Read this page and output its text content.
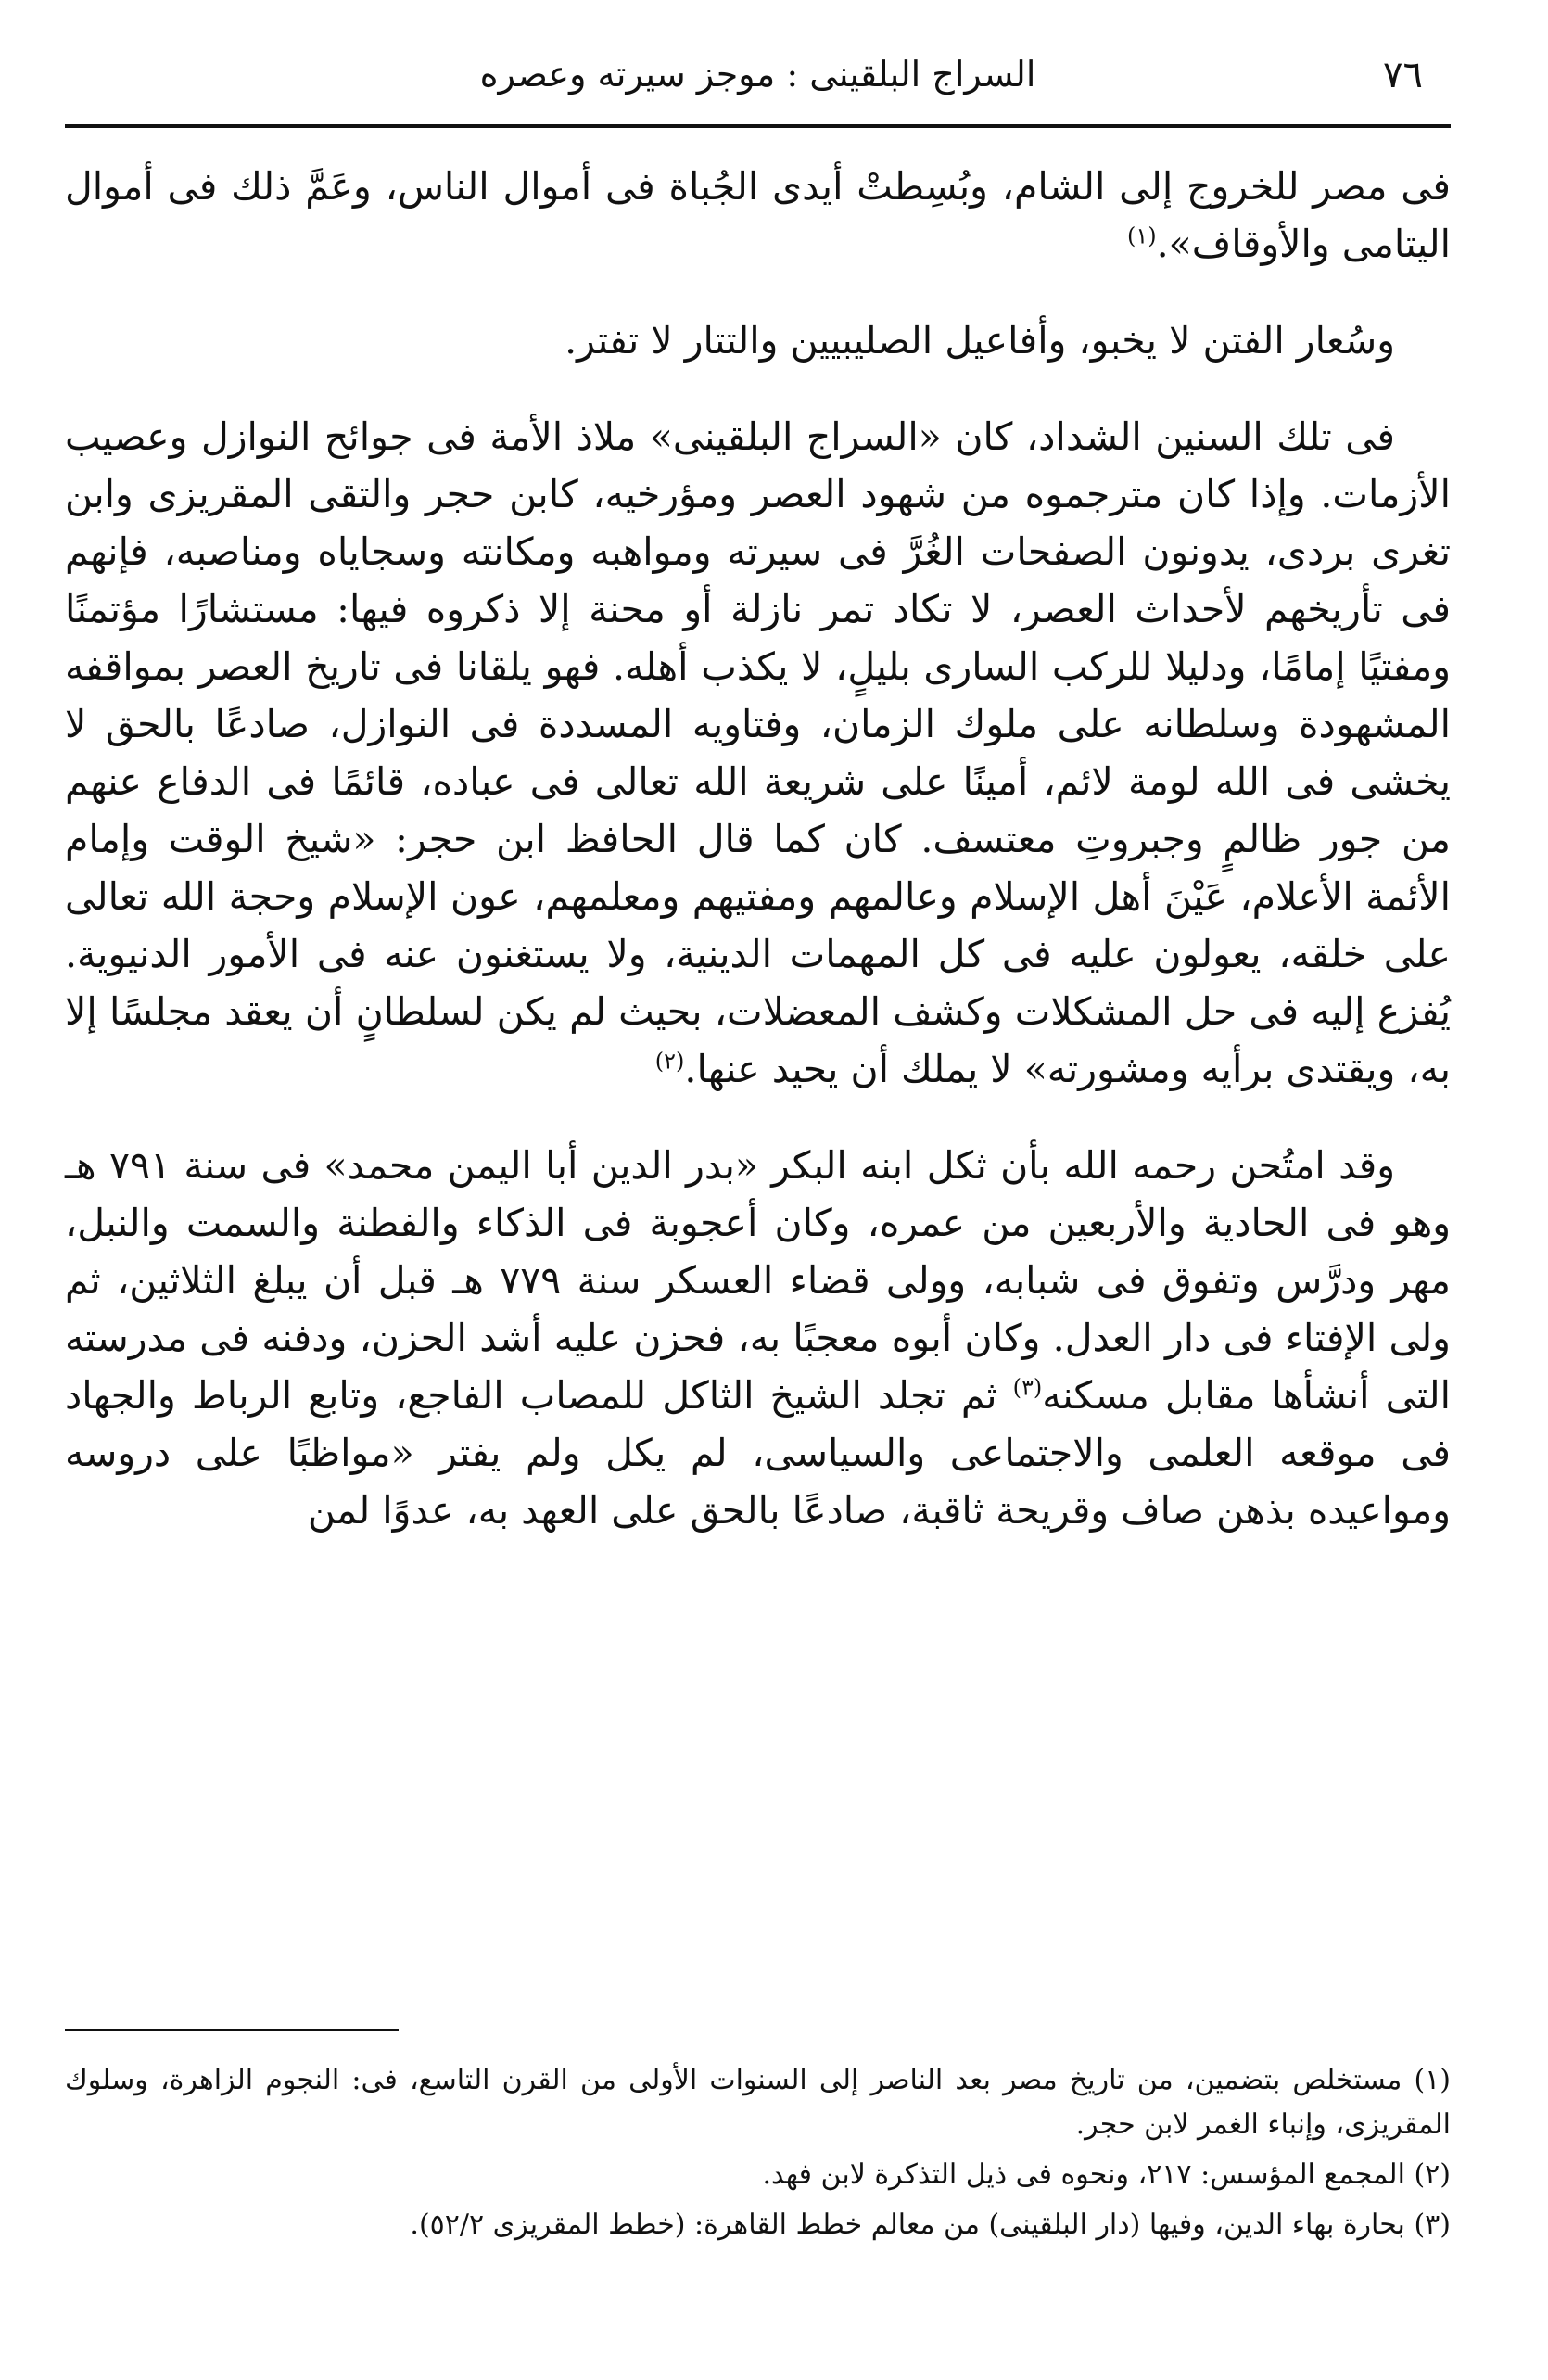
٧٦
السراج البلقينى : موجز سيرته وعصره

فى مصر للخروج إلى الشام، وبُسِطتْ أيدى الجُباة فى أموال الناس، وعَمَّ ذلك فى أموال اليتامى والأوقاف».$^{(١)}$

وسُعار الفتن لا يخبو، وأفاعيل الصليبيين والتتار لا تفتر.

فى تلك السنين الشداد، كان «السراج البلقينى» ملاذ الأمة فى جوائح النوازل وعصيب الأزمات. وإذا كان مترجموه من شهود العصر ومؤرخيه، كابن حجر والتقى المقريزى وابن تغرى بردى، يدونون الصفحات الغُرَّ فى سيرته ومواهبه ومكانته وسجاياه ومناصبه، فإنهم فى تأريخهم لأحداث العصر، لا تكاد تمر نازلة أو محنة إلا ذكروه فيها: مستشارًا مؤتمنًا ومفتيًا إمامًا، ودليلا للركب السارى بليلٍ، لا يكذب أهله. فهو يلقانا فى تاريخ العصر بمواقفه المشهودة وسلطانه على ملوك الزمان، وفتاويه المسددة فى النوازل، صادعًا بالحق لا يخشى فى الله لومة لائم، أمينًا على شريعة الله تعالى فى عباده، قائمًا فى الدفاع عنهم من جور ظالمٍ وجبروتِ معتسف. كان كما قال الحافظ ابن حجر: «شيخ الوقت وإمام الأئمة الأعلام، عَيْنَ أهل الإسلام وعالمهم ومفتيهم ومعلمهم، عون الإسلام وحجة الله تعالى على خلقه، يعولون عليه فى كل المهمات الدينية، ولا يستغنون عنه فى الأمور الدنيوية. يُفزع إليه فى حل المشكلات وكشف المعضلات، بحيث لم يكن لسلطانٍ أن يعقد مجلسًا إلا به، ويقتدى برأيه ومشورته» لا يملك أن يحيد عنها.$^{(٢)}$

وقد امتُحن رحمه الله بأن ثكل ابنه البكر «بدر الدين أبا اليمن محمد» فى سنة ٧٩١ هـ وهو فى الحادية والأربعين من عمره، وكان أعجوبة فى الذكاء والفطنة والسمت والنبل، مهر ودرَّس وتفوق فى شبابه، وولى قضاء العسكر سنة ٧٧٩ هـ قبل أن يبلغ الثلاثين، ثم ولى الإفتاء فى دار العدل. وكان أبوه معجبًا به، فحزن عليه أشد الحزن، ودفنه فى مدرسته التى أنشأها مقابل مسكنه$^{(٣)}$ ثم تجلد الشيخ الثاكل للمصاب الفاجع، وتابع الرباط والجهاد فى موقعه العلمى والاجتماعى والسياسى، لم يكل ولم يفتر «مواظبًا على دروسه ومواعيده بذهن صاف وقريحة ثاقبة، صادعًا بالحق على العهد به، عدوًا لمن

(١) مستخلص بتضمين، من تاريخ مصر بعد الناصر إلى السنوات الأولى من القرن التاسع، فى: النجوم الزاهرة، وسلوك المقريزى، وإنباء الغمر لابن حجر.

(٢) المجمع المؤسس: ٢١٧، ونحوه فى ذيل التذكرة لابن فهد.

(٣) بحارة بهاء الدين، وفيها (دار البلقينى) من معالم خطط القاهرة: (خطط المقريزى ٥٢/٢).
